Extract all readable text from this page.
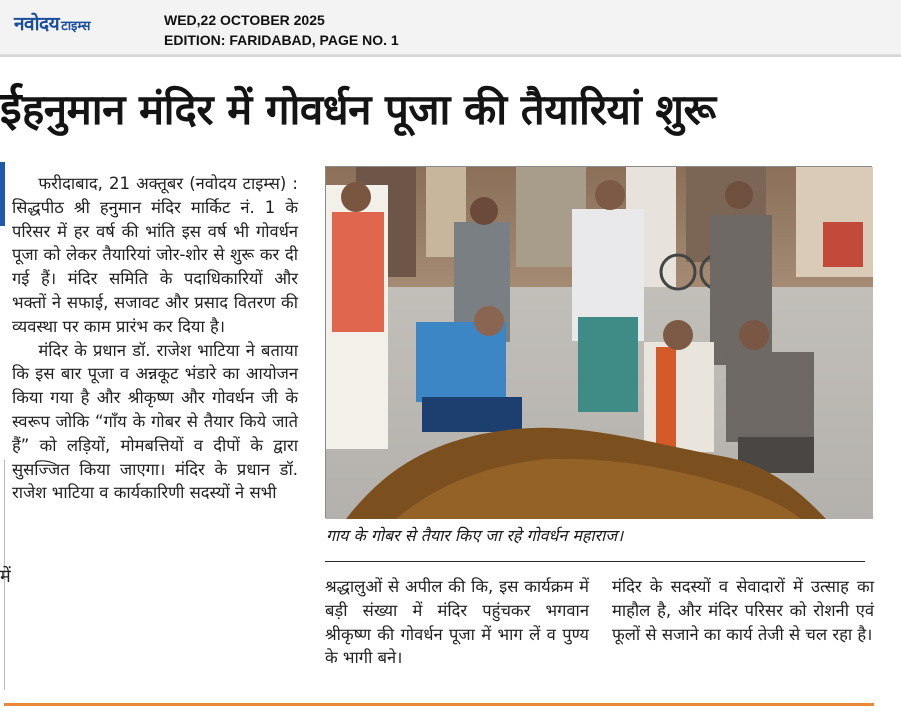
नवोदय टाइम्स	WED,22 OCTOBER 2025
EDITION: FARIDABAD, PAGE NO. 1
ई
में
हनुमान मंदिर में गोवर्धन पूजा की तैयारियां शुरू

फरीदाबाद, 21 अक्तूबर (नवोदय टाइम्स) : सिद्धपीठ श्री हनुमान मंदिर मार्किट नं. 1 के परिसर में हर वर्ष की भांति इस वर्ष भी गोवर्धन पूजा को लेकर तैयारियां जोर-शोर से शुरू कर दी गई हैं। मंदिर समिति के पदाधिकारियों और भक्तों ने सफाई, सजावट और प्रसाद वितरण की व्यवस्था पर काम प्रारंभ कर दिया है।

मंदिर के प्रधान डॉ. राजेश भाटिया ने बताया कि इस बार पूजा व अन्नकूट भंडारे का आयोजन किया गया है और श्रीकृष्ण और गोवर्धन जी के स्वरूप जोकि “गाँय के गोबर से तैयार किये जाते हैं” को लड़ियों, मोमबत्तियों व दीपों के द्वारा सुसज्जित किया जाएगा। मंदिर के प्रधान डॉ. राजेश भाटिया व कार्यकारिणी सदस्यों ने सभी

गाय के गोबर से तैयार किए जा रहे गोवर्धन महाराज।

श्रद्धालुओं से अपील की कि, इस कार्यक्रम में बड़ी संख्या में मंदिर पहुंचकर भगवान श्रीकृष्ण की गोवर्धन पूजा में भाग लें व पुण्य के भागी बने।

मंदिर के सदस्यों व सेवादारों में उत्साह का माहौल है, और मंदिर परिसर को रोशनी एवं फूलों से सजाने का कार्य तेजी से चल रहा है।
